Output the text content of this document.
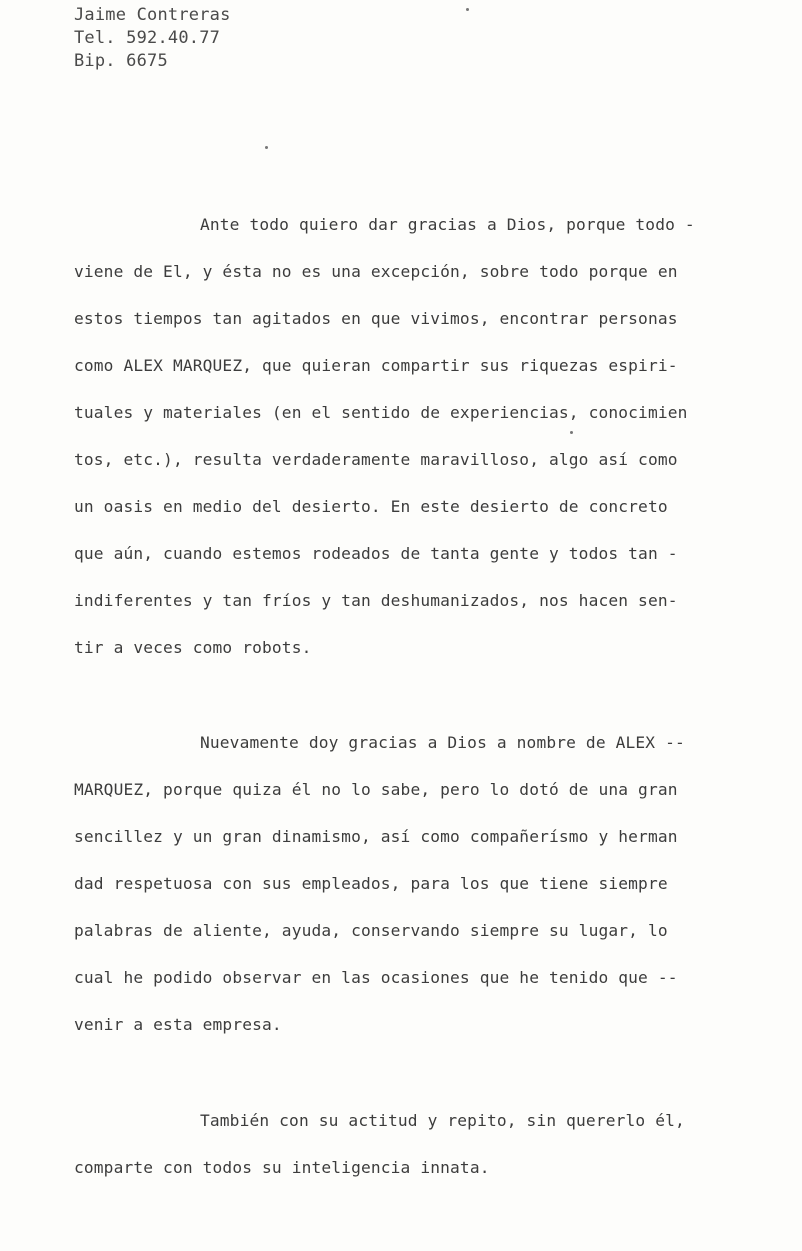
Jaime Contreras
Tel. 592.40.77
Bip. 6675
Ante todo quiero dar gracias a Dios, porque todo -
viene de El, y ésta no es una excepción, sobre todo porque en
estos tiempos tan agitados en que vivimos, encontrar personas
como ALEX MARQUEZ, que quieran compartir sus riquezas espiri-
tuales y materiales (en el sentido de experiencias, conocimien
tos, etc.), resulta verdaderamente maravilloso, algo así como
un oasis en medio del desierto. En este desierto de concreto
que aún, cuando estemos rodeados de tanta gente y todos tan -
indiferentes y tan fríos y tan deshumanizados, nos hacen sen-
tir a veces como robots.
Nuevamente doy gracias a Dios a nombre de ALEX --
MARQUEZ, porque quiza él no lo sabe, pero lo dotó de una gran
sencillez y un gran dinamismo, así como compañerísmo y herman
dad respetuosa con sus empleados, para los que tiene siempre
palabras de aliente, ayuda, conservando siempre su lugar, lo
cual he podido observar en las ocasiones que he tenido que --
venir a esta empresa.
También con su actitud y repito, sin quererlo él,
comparte con todos su inteligencia innata.
